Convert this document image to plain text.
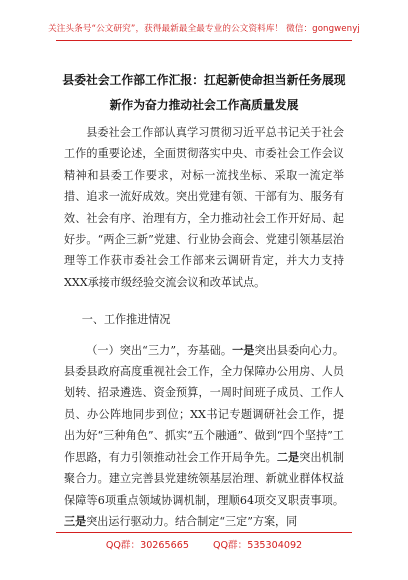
关注头条号“公文研究”，获得最新最全最专业的公文资料库！ 微信：gongwenyj
县委社会工作部工作汇报：扛起新使命担当新任务展现新作为奋力推动社会工作高质量发展

县委社会工作部认真学习贯彻习近平总书记关于社会工作的重要论述，全面贯彻落实中央、市委社会工作会议精神和县委工作要求，对标一流找坐标、采取一流定举措、追求一流好成效。突出党建有领、干部有为、服务有效、社会有序、治理有方，全力推动社会工作开好局、起好步。“两企三新”党建、行业协会商会、党建引领基层治理等工作获市委社会工作部来云调研肯定，并大力支持XXX承接市级经验交流会议和改革试点。

一、工作推进情况

（一）突出“三力”，夯基础。一是突出县委向心力。县委县政府高度重视社会工作，全力保障办公用房、人员划转、招录遴选、资金预算，一周时间班子成员、工作人员、办公阵地同步到位；XX书记专题调研社会工作，提出为好“三种角色”、抓实“五个融通”、做到“四个坚持”工作思路，有力引领推动社会工作开局争先。二是突出机制聚合力。建立完善县党建统领基层治理、新就业群体权益保障等6项重点领域协调机制，理顺64项交叉职责事项。三是突出运行驱动力。结合制定“三定”方案，同

QQ群：30265665	QQ群：535304092
